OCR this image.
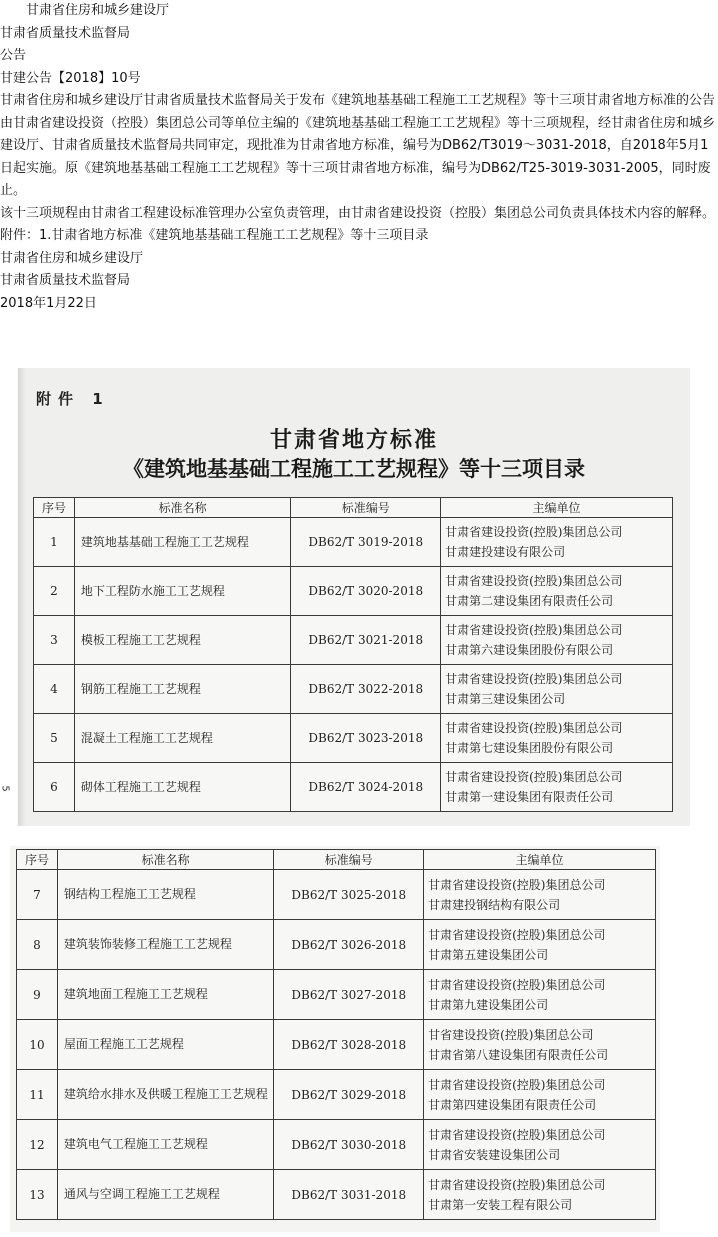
甘肃省住房和城乡建设厅

甘肃省质量技术监督局

公告

甘建公告【2018】10号

甘肃省住房和城乡建设厅甘肃省质量技术监督局关于发布《建筑地基基础工程施工工艺规程》等十三项甘肃省地方标准的公告

由甘肃省建设投资（控股）集团总公司等单位主编的《建筑地基基础工程施工工艺规程》等十三项规程，经甘肃省住房和城乡建设厅、甘肃省质量技术监督局共同审定，现批准为甘肃省地方标准，编号为DB62/T3019～3031-2018，自2018年5月1日起实施。原《建筑地基基础工程施工工艺规程》等十三项甘肃省地方标准，编号为DB62/T25-3019-3031-2005，同时废止。

该十三项规程由甘肃省工程建设标准管理办公室负责管理，由甘肃省建设投资（控股）集团总公司负责具体技术内容的解释。

附件：1.甘肃省地方标准《建筑地基基础工程施工工艺规程》等十三项目录

甘肃省住房和城乡建设厅

甘肃省质量技术监督局

2018年1月22日

附件 1
甘肃省地方标准
《建筑地基基础工程施工工艺规程》等十三项目录
5
序号	标准名称	标准编号	主编单位
1	建筑地基基础工程施工工艺规程	DB62/T 3019-2018	甘肃省建设投资(控股)集团总公司
甘肃建投建设有限公司

2	地下工程防水施工工艺规程	DB62/T 3020-2018	甘肃省建设投资(控股)集团总公司
甘肃第二建设集团有限责任公司

3	模板工程施工工艺规程	DB62/T 3021-2018	甘肃省建设投资(控股)集团总公司
甘肃第六建设集团股份有限公司

4	钢筋工程施工工艺规程	DB62/T 3022-2018	甘肃省建设投资(控股)集团总公司
甘肃第三建设集团公司

5	混凝土工程施工工艺规程	DB62/T 3023-2018	甘肃省建设投资(控股)集团总公司
甘肃第七建设集团股份有限公司

6	砌体工程施工工艺规程	DB62/T 3024-2018	甘肃省建设投资(控股)集团总公司
甘肃第一建设集团有限责任公司
序号	标准名称	标准编号	主编单位
7	钢结构工程施工工艺规程	DB62/T 3025-2018	甘肃省建设投资(控股)集团总公司
甘肃建投钢结构有限公司

8	建筑装饰装修工程施工工艺规程	DB62/T 3026-2018	甘肃省建设投资(控股)集团总公司
甘肃第五建设集团公司

9	建筑地面工程施工工艺规程	DB62/T 3027-2018	甘肃省建设投资(控股)集团总公司
甘肃第九建设集团公司

10	屋面工程施工工艺规程	DB62/T 3028-2018	甘省建设投资(控股)集团总公司
甘肃省第八建设集团有限责任公司

11	建筑给水排水及供暖工程施工工艺规程	DB62/T 3029-2018	甘肃省建设投资(控股)集团总公司
甘肃第四建设集团有限责任公司

12	建筑电气工程施工工艺规程	DB62/T 3030-2018	甘肃省建设投资(控股)集团总公司
甘肃省安装建设集团公司

13	通风与空调工程施工工艺规程	DB62/T 3031-2018	甘肃省建设投资(控股)集团总公司
甘肃第一安装工程有限公司
